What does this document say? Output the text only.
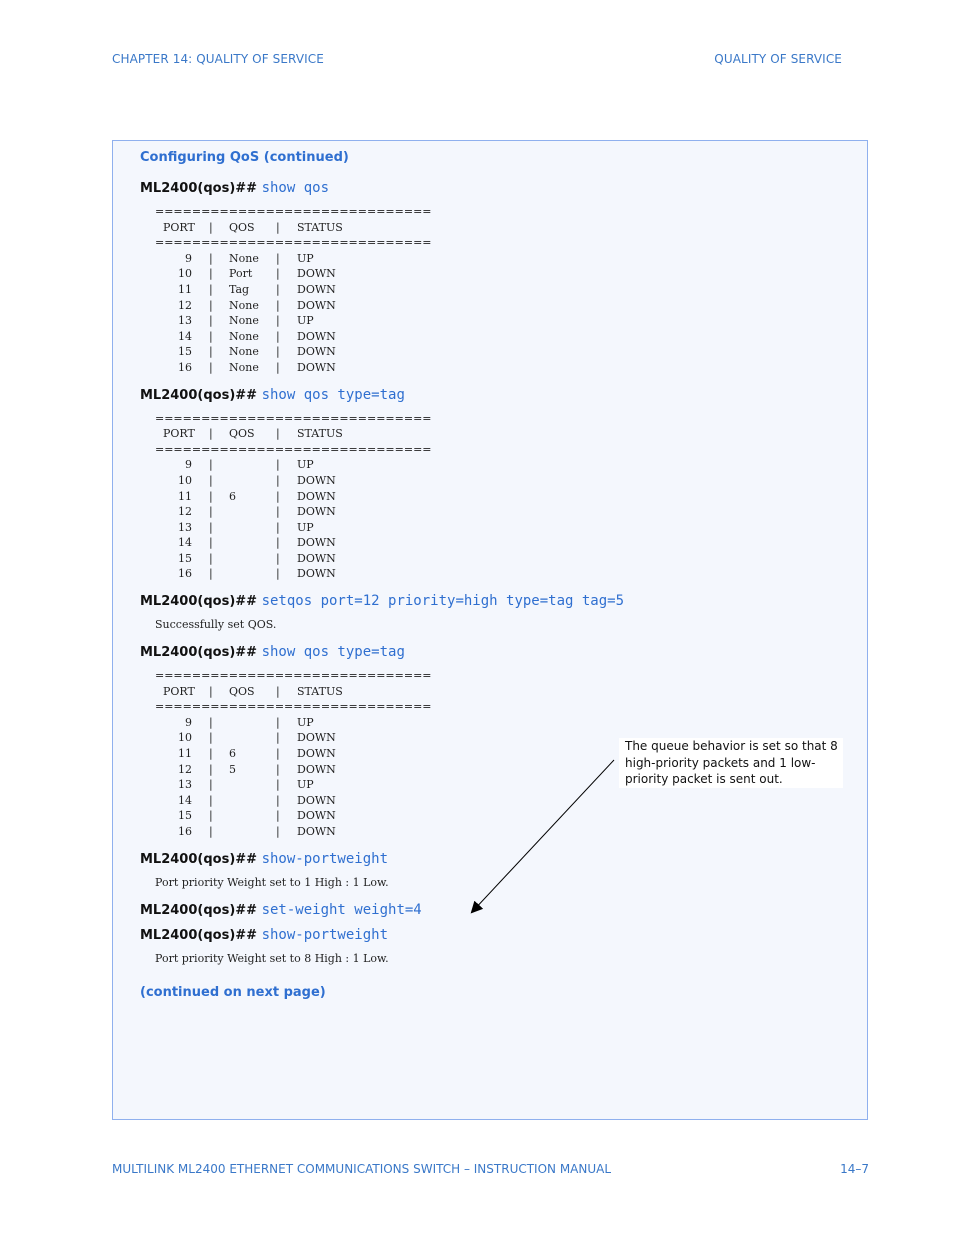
CHAPTER 14: QUALITY OF SERVICE	QUALITY OF SERVICE
Configuring QoS (continued)
ML2400(qos)## show qos
==============================
PORT | QOS | STATUS
==============================
9 | None | UP
10 | Port | DOWN
11 | Tag | DOWN
12 | None | DOWN
13 | None | UP
14 | None | DOWN
15 | None | DOWN
16 | None | DOWN
ML2400(qos)## show qos type=tag
==============================
PORT | QOS | STATUS
==============================
9 |	| UP
10 |	| DOWN
11 | 6	| DOWN
12 |	| DOWN
13 |	| UP
14 |	| DOWN
15 |	| DOWN
16 |	| DOWN
ML2400(qos)## setqos port=12 priority=high type=tag tag=5
Successfully set QOS.
ML2400(qos)## show qos type=tag
==============================
PORT | QOS | STATUS
==============================
9 |	| UP
10 |	| DOWN
11 | 6	| DOWN
12 | 5	| DOWN
13 |	| UP
14 |	| DOWN
15 |	| DOWN
16 |	| DOWN
ML2400(qos)## show-portweight
Port priority Weight set to 1 High : 1 Low.
ML2400(qos)## set-weight weight=4
ML2400(qos)## show-portweight
Port priority Weight set to 8 High : 1 Low.
(continued on next page)
The queue behavior is set so that 8 high-priority packets and 1 low-priority packet is sent out.
MULTILINK ML2400 ETHERNET COMMUNICATIONS SWITCH – INSTRUCTION MANUAL	14–7
